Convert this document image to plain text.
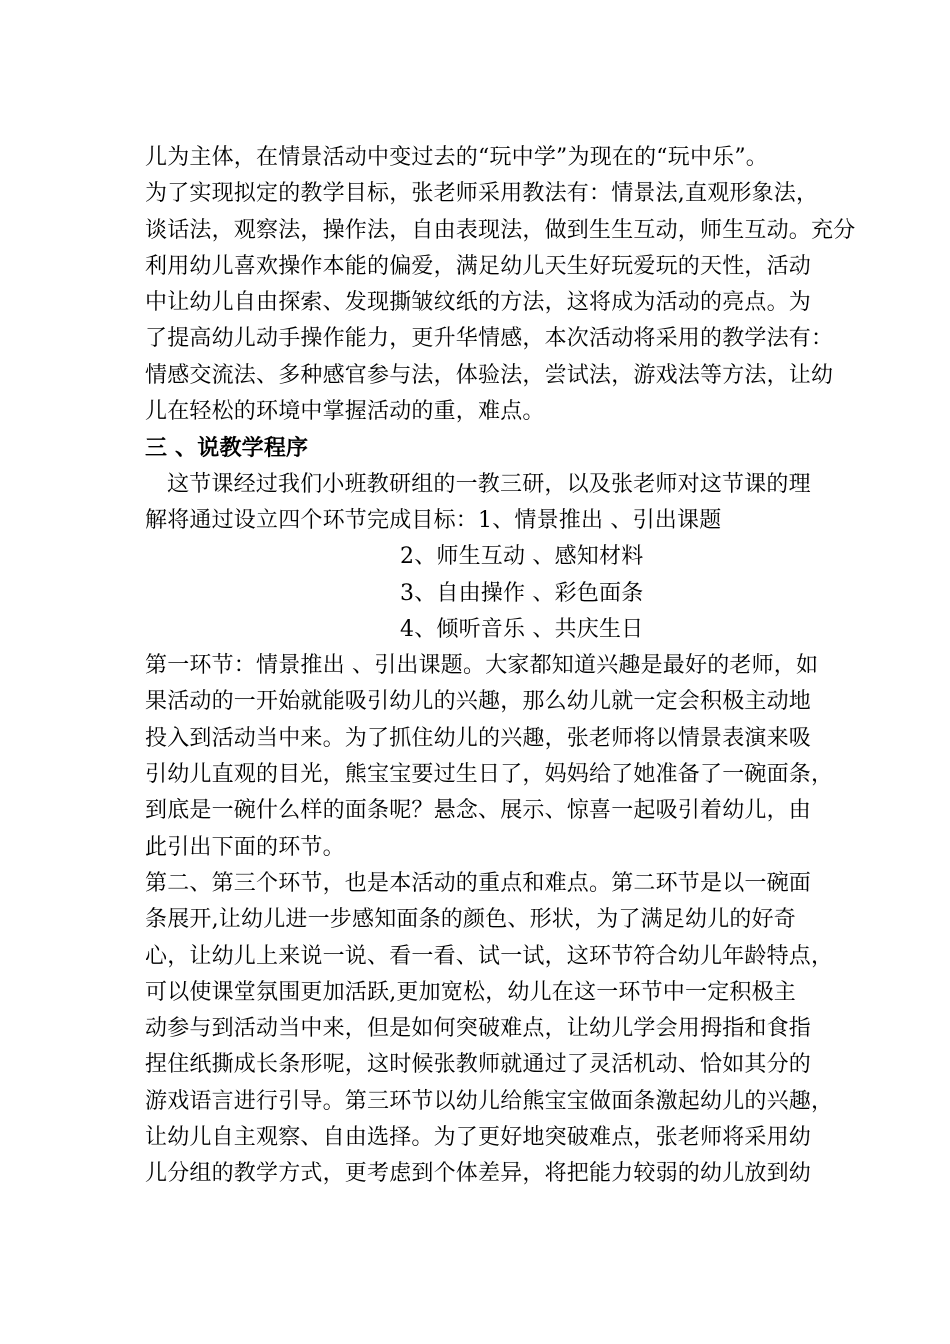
儿为主体，在情景活动中变过去的“玩中学”为现在的“玩中乐”。
为了实现拟定的教学目标，张老师采用教法有：情景法,直观形象法，
谈话法，观察法，操作法，自由表现法，做到生生互动，师生互动。充分
利用幼儿喜欢操作本能的偏爱，满足幼儿天生好玩爱玩的天性，活动
中让幼儿自由探索、发现撕皱纹纸的方法，这将成为活动的亮点。为
了提高幼儿动手操作能力，更升华情感，本次活动将采用的教学法有：
情感交流法、多种感官参与法，体验法，尝试法，游戏法等方法，让幼
儿在轻松的环境中掌握活动的重，难点。
三 、说教学程序
这节课经过我们小班教研组的一教三研，以及张老师对这节课的理
解将通过设立四个环节完成目标：1、情景推出 、引出课题
2、师生互动 、感知材料
3、自由操作 、彩色面条
4、倾听音乐 、共庆生日
第一环节：情景推出 、引出课题。大家都知道兴趣是最好的老师，如
果活动的一开始就能吸引幼儿的兴趣，那么幼儿就一定会积极主动地
投入到活动当中来。为了抓住幼儿的兴趣，张老师将以情景表演来吸
引幼儿直观的目光，熊宝宝要过生日了，妈妈给了她准备了一碗面条，
到底是一碗什么样的面条呢？悬念、展示、惊喜一起吸引着幼儿，由
此引出下面的环节。
第二、第三个环节，也是本活动的重点和难点。第二环节是以一碗面
条展开,让幼儿进一步感知面条的颜色、形状，为了满足幼儿的好奇
心，让幼儿上来说一说、看一看、试一试，这环节符合幼儿年龄特点，
可以使课堂氛围更加活跃,更加宽松，幼儿在这一环节中一定积极主
动参与到活动当中来，但是如何突破难点，让幼儿学会用拇指和食指
捏住纸撕成长条形呢，这时候张教师就通过了灵活机动、恰如其分的
游戏语言进行引导。第三环节以幼儿给熊宝宝做面条激起幼儿的兴趣，
让幼儿自主观察、自由选择。为了更好地突破难点，张老师将采用幼
儿分组的教学方式，更考虑到个体差异，将把能力较弱的幼儿放到幼
